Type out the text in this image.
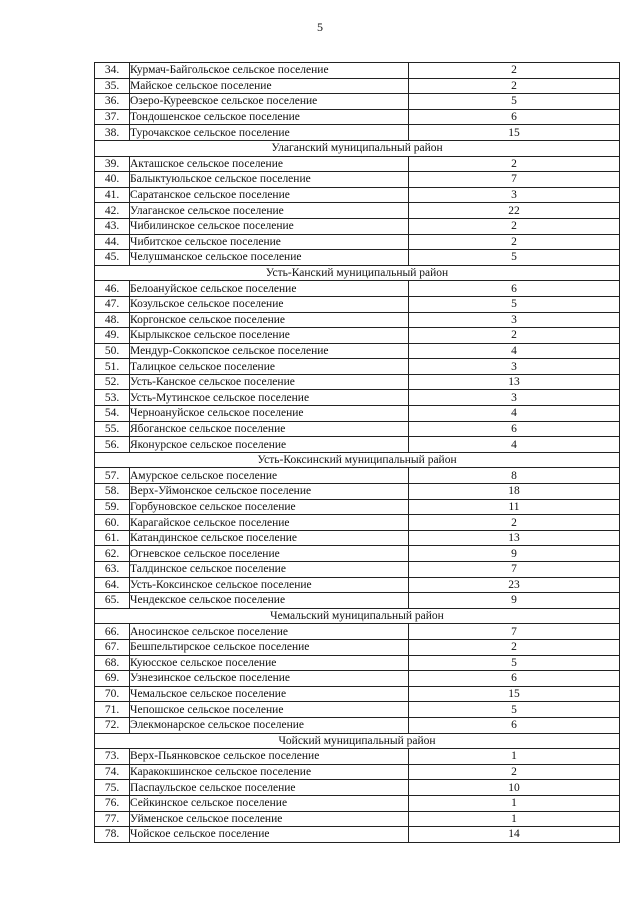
5
34.	Курмач-Байгольское сельское поселение	2
35.	Майское сельское поселение	2
36.	Озеро-Куреевское сельское поселение	5
37.	Тондошенское сельское поселение	6
38.	Турочакское сельское поселение	15
Улаганский муниципальный район		
39.	Акташское сельское поселение	2
40.	Балыктуюльское сельское поселение	7
41.	Саратанское сельское поселение	3
42.	Улаганское сельское поселение	22
43.	Чибилинское сельское поселение	2
44.	Чибитское сельское поселение	2
45.	Челушманское сельское поселение	5
Усть-Канский муниципальный район		
46.	Белоануйское сельское поселение	6
47.	Козульское сельское поселение	5
48.	Коргонское сельское поселение	3
49.	Кырлыкское сельское поселение	2
50.	Мендур-Соккопское сельское поселение	4
51.	Талицкое сельское поселение	3
52.	Усть-Канское сельское поселение	13
53.	Усть-Мутинское сельское поселение	3
54.	Черноануйское сельское поселение	4
55.	Ябоганское сельское поселение	6
56.	Яконурское сельское поселение	4
Усть-Коксинский муниципальный район		
57.	Амурское сельское поселение	8
58.	Верх-Уймонское сельское поселение	18
59.	Горбуновское сельское поселение	11
60.	Карагайское сельское поселение	2
61.	Катандинское сельское поселение	13
62.	Огневское сельское поселение	9
63.	Талдинское сельское поселение	7
64.	Усть-Коксинское сельское поселение	23
65.	Чендекское сельское поселение	9
Чемальский муниципальный район		
66.	Аносинское сельское поселение	7
67.	Бешпельтирское сельское поселение	2
68.	Куюсское сельское поселение	5
69.	Узнезинское сельское поселение	6
70.	Чемальское сельское поселение	15
71.	Чепошское сельское поселение	5
72.	Элекмонарское сельское поселение	6
Чойский муниципальный район		
73.	Верх-Пьянковское сельское поселение	1
74.	Каракокшинское сельское поселение	2
75.	Паспаульское сельское поселение	10
76.	Сейкинское сельское поселение	1
77.	Уйменское сельское поселение	1
78.	Чойское сельское поселение	14
